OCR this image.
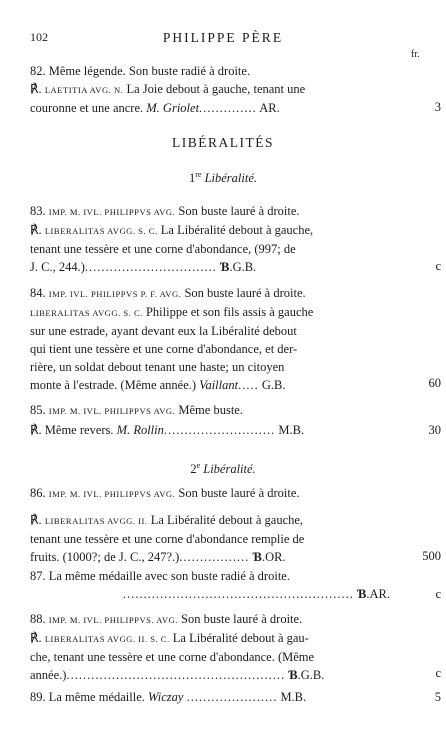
102	PHILIPPE PÈRE
fr.
82. Même légende. Son buste radié à droite.
℟. LAETITIA AVG. N. La Joie debout à gauche, tenant une
couronne et une ancre. M. Griolet.............. AR.	3
LIBÉRALITÉS
1re Libéralité.
83. IMP. M. IVL. PHILIPPVS AVG. Son buste lauré à droite.
℟. LIBERALITAS AVGG. S. C. La Libéralité debout à gauche,
tenant une tessère et une corne d'abondance, (997; de
J. C., 244.)................................ Ɓ.G.B.	c
84. IMP. IVL. PHILIPPVS P. F. AVG. Son buste lauré à droite.
LIBERALITAS AVGG. S. C. Philippe et son fils assis à gauche
sur une estrade, ayant devant eux la Libéralité debout
qui tient une tessère et une corne d'abondance, et der-
rière, un soldat debout tenant une haste; un citoyen
monte à l'estrade. (Même année.) Vaillant..... G.B.	60
85. IMP. M. IVL. PHILIPPVS AVG. Même buste.
℟. Même revers. M. Rollin........................... M.B.	30
2e Libéralité.
86. IMP. M. IVL. PHILIPPVS AVG. Son buste lauré à droite.
℟. LIBERALITAS AVGG. II. La Libéralité debout à gauche,
tenant une tessère et une corne d'abondance remplie de
fruits. (1000?; de J. C., 247?.)................. Ɓ.OR.	500
87. La même médaille avec son buste radié à droite.
........................................................ Ɓ.AR.	c
88. IMP. M. IVL. PHILIPPVS. AVG. Son buste lauré à droite.
℟. LIBERALITAS AVGG. II. S. C. La Libéralité debout à gau-
che, tenant une tessère et une corne d'abondance. (Même
année.)..................................................... Ɓ.G.B.	c
89. La même médaille. Wiczay ...................... M.B.	5
